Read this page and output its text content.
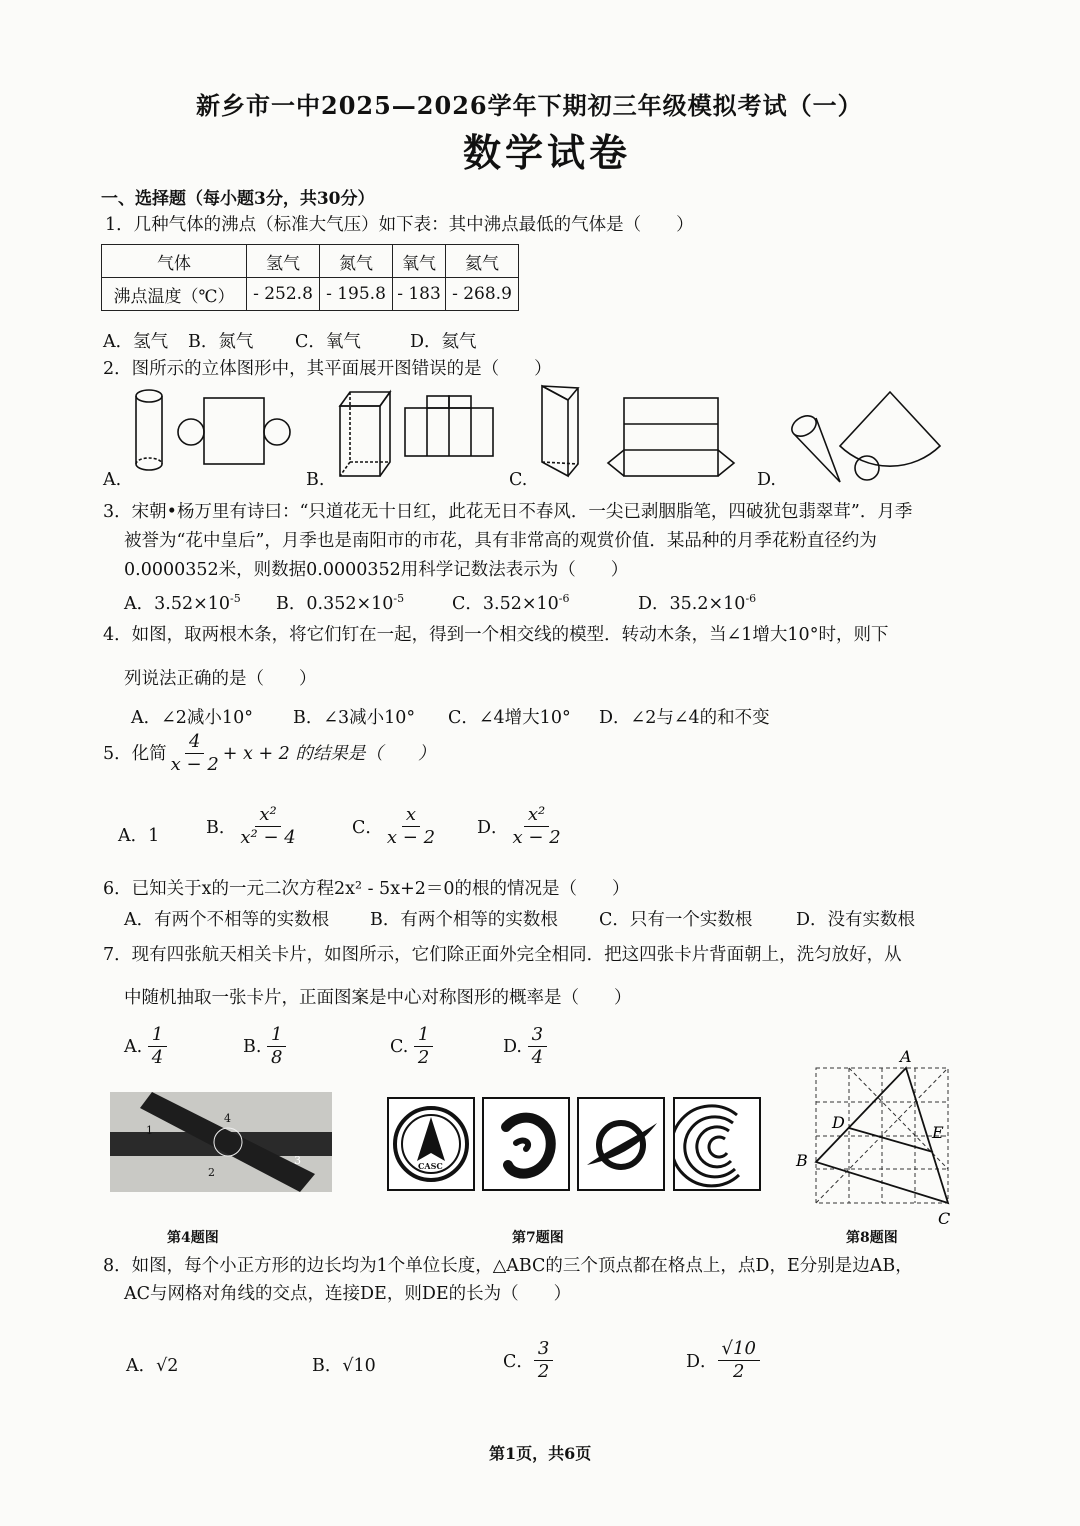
新乡市一中2025—2026学年下期初三年级模拟考试（一）
数学试卷
一、选择题（每小题3分，共30分）
1．几种气体的沸点（标准大气压）如下表：其中沸点最低的气体是（　　）
气体	氢气	氮气	氧气	氦气
沸点温度（℃）	- 252.8	- 195.8	- 183	- 268.9
A．氢气 B．氮气 C．氧气	D．氦气
2．图所示的立体图形中，其平面展开图错误的是（　　）
A.	B.	C.	D.
3．宋朝•杨万里有诗曰：“只道花无十日红，此花无日不春风．一尖已剥胭脂笔，四破犹包翡翠茸”．月季
被誉为“花中皇后”，月季也是南阳市的市花，具有非常高的观赏价值．某品种的月季花粉直径约为
0.0000352米，则数据0.0000352用科学记数法表示为（　　）
A．$3.52\times 10^{-5}$ B．$0.352\times 10^{-5}$	C．$3.52\times 10^{-6}$	D．$35.2\times 10^{-6}$
4．如图，取两根木条，将它们钉在一起，得到一个相交线的模型．转动木条，当∠1增大10°时，则下
列说法正确的是（　　）
A．∠2减小10° B．∠3减小10° C．∠4增大10° D．∠2与∠4的和不变
5．化简 $\frac{4}{x - 2} + x + 2$ 的结果是（　　）
A．1	B． $\frac{\text{x²}}{\text{x² − 4}}$	C． $\frac{x}{x - 2}$ D． $\frac{\text{x²}}{x - 2}$
6．已知关于x的一元二次方程2x² - 5x+2＝0的根的情况是（　　）
A．有两个不相等的实数根 B．有两个相等的实数根 C．只有一个实数根 D．没有实数根
7．现有四张航天相关卡片，如图所示，它们除正面外完全相同．把这四张卡片背面朝上，洗匀放好，从
中随机抽取一张卡片，正面图案是中心对称图形的概率是（　　）
A.
$\frac{1}{4}$	B.
$\frac{1}{8}$	C.
$\frac{1}{2}$	D.
$\frac{3}{4}$
1
2
3
4
第4题图
CASC
第7题图
A
B
C
D
E
第8题图
8．如图，每个小正方形的边长均为1个单位长度，△ABC的三个顶点都在格点上，点D，E分别是边AB，
AC与网格对角线的交点，连接DE，则DE的长为（　　）
A．√2	B．√10	C． $\frac{3}{2}$	D． $\frac{√10}{2}$
第1页，共6页
